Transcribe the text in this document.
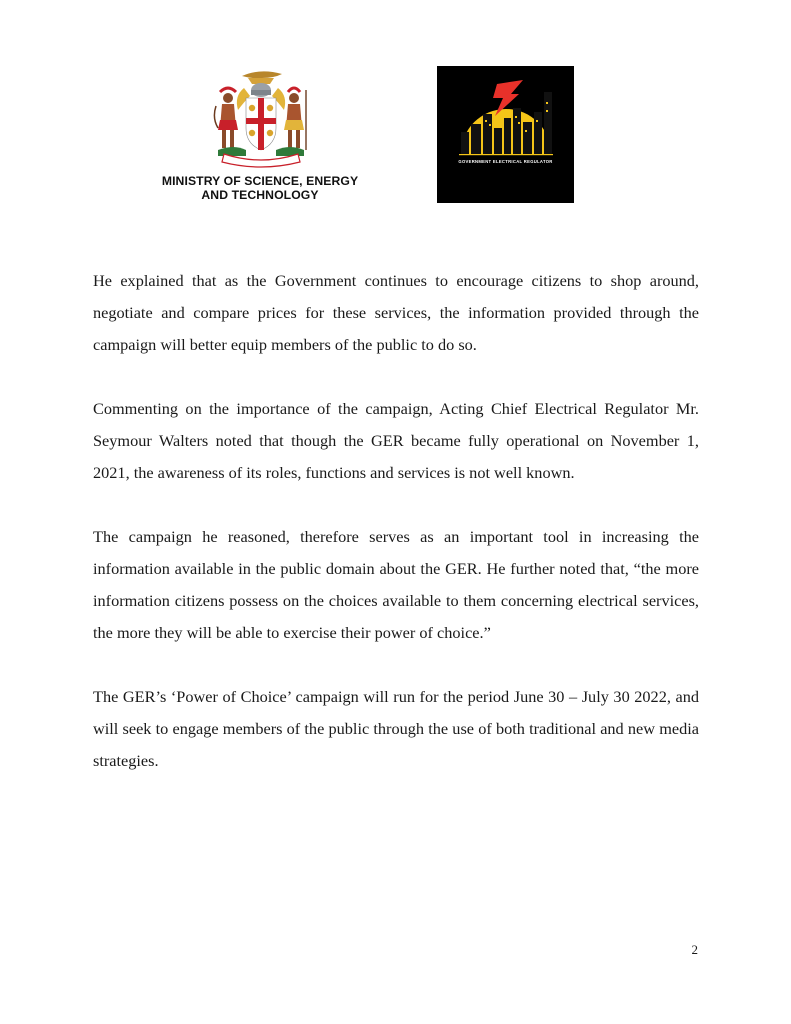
MINISTRY OF SCIENCE, ENERGY
AND TECHNOLOGY
GOVERNMENT ELECTRICAL REGULATOR

He explained that as the Government continues to encourage citizens to shop around, negotiate and compare prices for these services, the information provided through the campaign will better equip members of the public to do so.

Commenting on the importance of the campaign, Acting Chief Electrical Regulator Mr. Seymour Walters noted that though the GER became fully operational on November 1, 2021, the awareness of its roles, functions and services is not well known.

The campaign he reasoned, therefore serves as an important tool in increasing the information available in the public domain about the GER. He further noted that, “the more information citizens possess on the choices available to them concerning electrical services, the more they will be able to exercise their power of choice.”

The GER’s ‘Power of Choice’ campaign will run for the period June 30 – July 30 2022, and will seek to engage members of the public through the use of both traditional and new media strategies.

2
